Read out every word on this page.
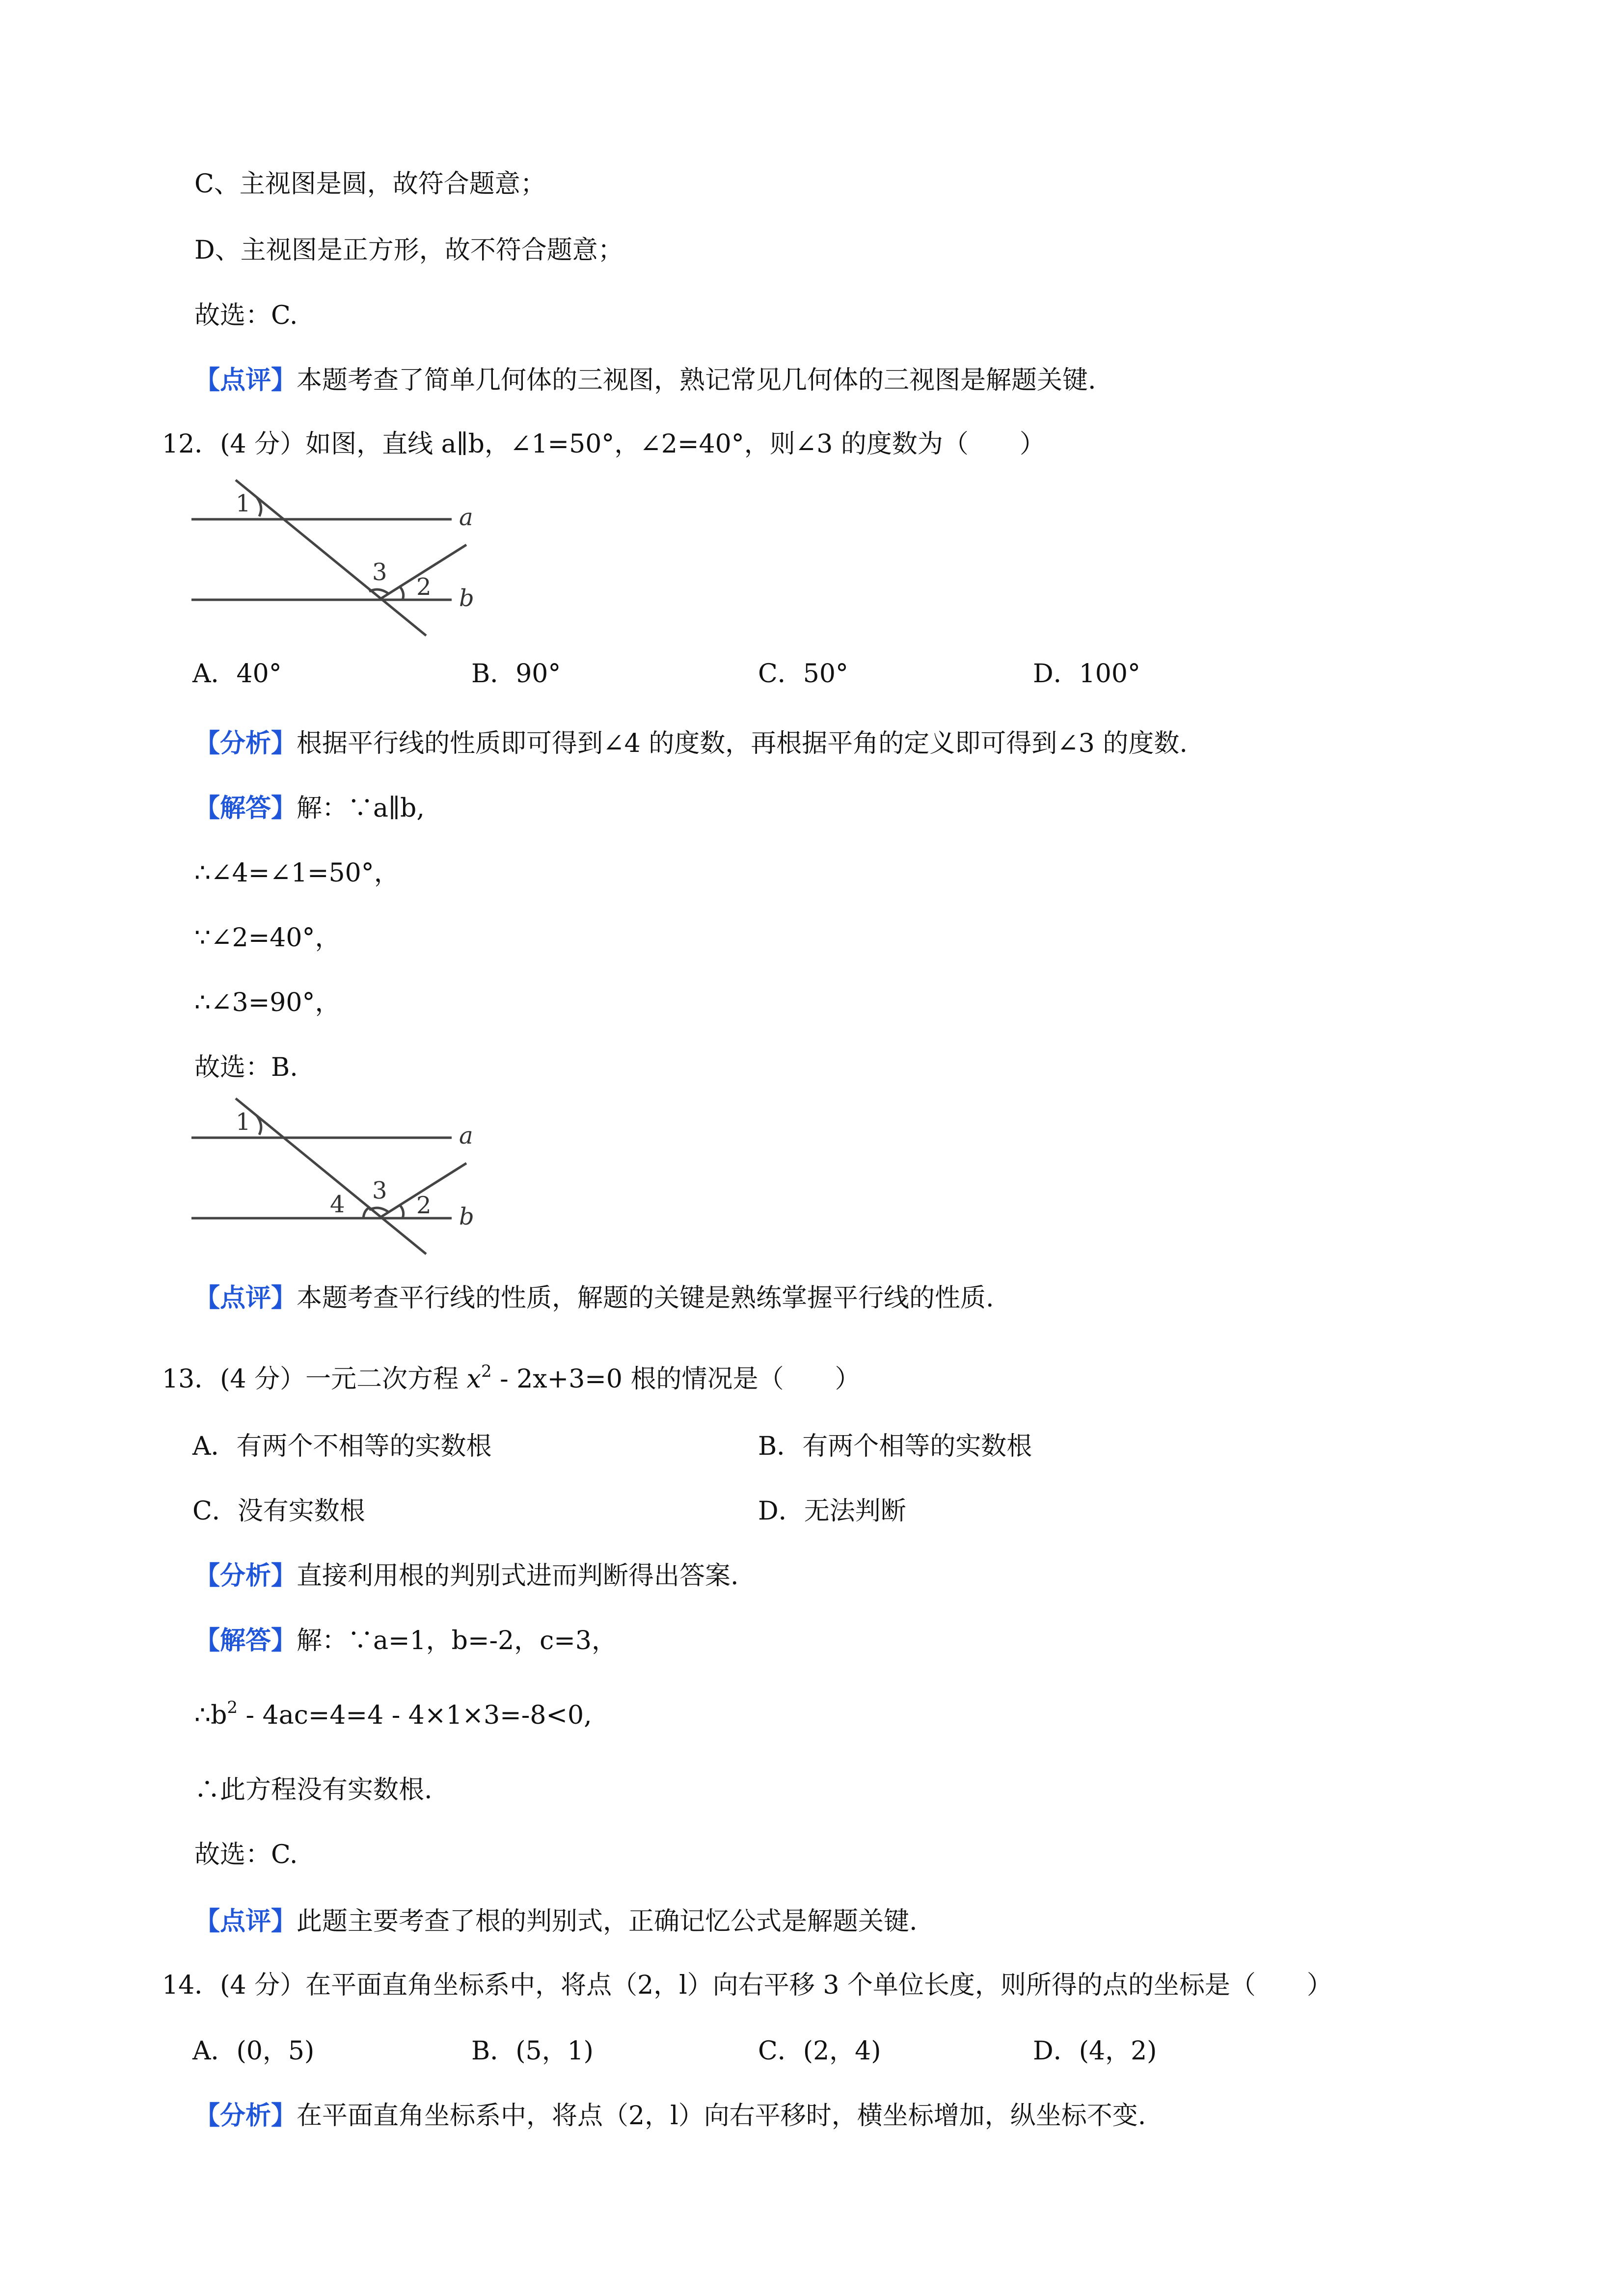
C、主视图是圆，故符合题意；
D、主视图是正方形，故不符合题意；
故选：C.
【点评】本题考查了简单几何体的三视图，熟记常见几何体的三视图是解题关键.
12．(4 分）如图，直线 a∥b，∠1=50°，∠2=40°，则∠3 的度数为（　　）
1
3
2
a
b
A．40°	B．90°	C．50°	D．100°
【分析】根据平行线的性质即可得到∠4 的度数，再根据平角的定义即可得到∠3 的度数.
【解答】解：∵a∥b,
∴∠4=∠1=50°，
∵∠2=40°，
∴∠3=90°，
故选：B.
1
4 3
2
a
b
【点评】本题考查平行线的性质，解题的关键是熟练掌握平行线的性质.
13．(4 分）一元二次方程 $x^2 - 2x+3=0$ 根的情况是（　　）
A．有两个不相等的实数根	B．有两个相等的实数根
C．没有实数根	D．无法判断
【分析】直接利用根的判别式进而判断得出答案.
【解答】解：∵a=1，b=-2，c=3，
$\therefore b^2 - 4ac=4=4 - 4\times 1\times 3=-8<0$,
∴此方程没有实数根.
故选：C.
【点评】此题主要考查了根的判别式，正确记忆公式是解题关键.
14．(4 分）在平面直角坐标系中，将点（2，l）向右平移 3 个单位长度，则所得的点的坐标是（　　）
A．(0，5)	B．(5，1)	C．(2，4)	D．(4，2)
【分析】在平面直角坐标系中，将点（2，l）向右平移时，横坐标增加，纵坐标不变.
